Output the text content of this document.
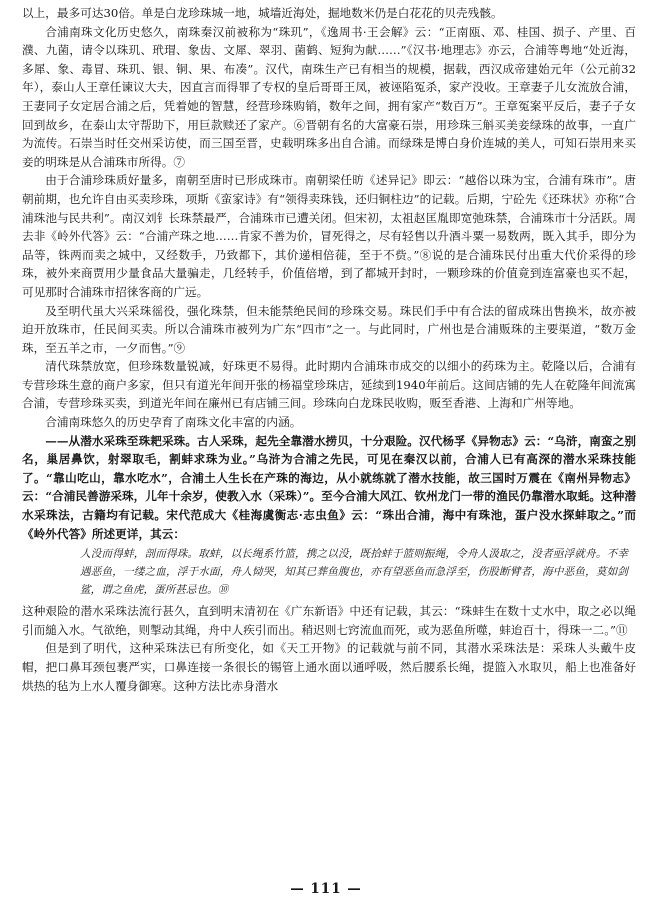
以上，最多可达30倍。单是白龙珍珠城一地，城墙近海处，掘地数米仍是白花花的贝壳残骸。

合浦南珠文化历史悠久，南珠秦汉前被称为“珠玑”，《逸周书·王会解》云：“正南瓯、邓、桂国、损子、产里、百濮、九菌，请令以珠玑、玳瑁、象齿、文犀、翠羽、菌鹤、短狗为献……”《汉书·地理志》亦云，合浦等粤地“处近海，多犀、象、毒冒、珠玑、银、铜、果、布凑”。汉代，南珠生产已有相当的规模，据载，西汉成帝建始元年（公元前32年），泰山人王章任谏议大夫，因直言而得罪了专权的皇后哥哥王凤，被诬陷冤杀，家产没收。王章妻子儿女流放合浦，王妻同子女定居合浦之后，凭着她的智慧，经营珍珠购销，数年之间，拥有家产“数百万”。王章冤案平反后，妻子子女回到故乡，在泰山太守帮助下，用巨款赎还了家产。⑥晋朝有名的大富豪石崇，用珍珠三斛买美妾绿珠的故事，一直广为流传。石崇当时任交州采访使，而三国至晋，史载明珠多出自合浦。而绿珠是博白身价连城的美人，可知石崇用来买妾的明珠是从合浦珠市所得。⑦

由于合浦珍珠质好量多，南朝至唐时已形成珠市。南朝梁任昉《述异记》即云：“越俗以珠为宝，合浦有珠市”。唐朝前期，也允许自由买卖珍珠，项斯《蛮家诗》有“领得卖珠钱，还归铜柱边”的记载。后期，宁砼先《还珠状》亦称“合浦珠池与民共利”。南汉刘钅长珠禁最严，合浦珠市已遭关闭。但宋初，太祖赵匡胤即宽弛珠禁，合浦珠市十分活跃。周去非《岭外代答》云：“合浦产珠之地……肯家不善为价，冒死得之，尽有轻售以升酒斗粟一易数两，既入其手，即分为品等，铢两而卖之城中，又经数手，乃致都下，其价递相倍蓰，至于不赀。”⑧说的是合浦珠民付出重大代价采得的珍珠，被外来商贾用少量食品大量骗走，几经转手，价值倍增，到了都城开封时，一颗珍珠的价值竟到连富豪也买不起，可见那时合浦珠市招徕客商的广远。

及至明代虽大兴采珠徭役，强化珠禁，但未能禁绝民间的珍珠交易。珠民们手中有合法的留成珠出售换米，故亦被迫开放珠市，任民间买卖。所以合浦珠市被列为广东“四市”之一。与此同时，广州也是合浦贩珠的主要渠道，“数万金珠，至五羊之市，一夕而售。”⑨

清代珠禁放宽，但珍珠数量锐减，好珠更不易得。此时期内合浦珠市成交的以细小的药珠为主。乾隆以后，合浦有专营珍珠生意的商户多家，但只有道光年间开张的杨福堂珍珠店，延续到1940年前后。这间店铺的先人在乾隆年间流寓合浦，专营珍珠买卖，到道光年间在廉州已有店铺三间。珍珠向白龙珠民收购，贩至香港、上海和广州等地。

合浦南珠悠久的历史孕育了南珠文化丰富的内涵。

——从潜水采珠至珠耙采珠。古人采珠，起先全靠潜水捞贝，十分艰险。汉代杨孚《异物志》云：“乌浒，南蛮之别名，巢居鼻饮，射翠取毛，割蚌求珠为业。”乌浒为合浦之先民，可见在秦汉以前，合浦人已有高深的潜水采珠技能了。“靠山吃山，靠水吃水”，合浦土人生长在产珠的海边，从小就练就了潜水技能，故三国时万震在《南州异物志》云：“合浦民善游采珠，儿年十余岁，使教入水（采珠）”。至今合浦大风江、钦州龙门一带的渔民仍靠潜水取蚝。这种潜水采珠法，古籍均有记载。宋代范成大《桂海虞衡志·志虫鱼》云：“珠出合浦，海中有珠池，蛋户没水探蚌取之。”而《岭外代答》所述更详，其云：

人没而得蚌，剖而得珠。取蚌，以长绳系竹篮，携之以没，既拾蚌于篮则振绳，令舟人汲取之，没者亟浮就舟。不幸遇恶鱼，一缕之血，浮于水面，舟人恸哭，知其已葬鱼腹也，亦有望恶鱼而急浮至，伤股断臂者，海中恶鱼，莫如剑鲨，谓之鱼虎，蛋所甚忌也。⑩

这种艰险的潜水采珠法流行甚久，直到明末清初在《广东新语》中还有记载，其云：“珠蚌生在数十丈水中，取之必以绳引而縋入水。气欲绝，则掣动其绳，舟中人疾引而出。稍迟则七窍流血而死，或为恶鱼所噬，蚌迨百十，得珠一二。”⑪

但是到了明代，这种采珠法已有所变化，如《天工开物》的记载就与前不同，其潜水采珠法是：采珠人头戴牛皮帽，把口鼻耳颈包裹严实，口鼻连接一条很长的锡管上通水面以通呼吸，然后腰系长绳，提篮入水取贝，船上也准备好烘热的毡为上水人覆身御寒。这种方法比赤身潜水

— 111 —
